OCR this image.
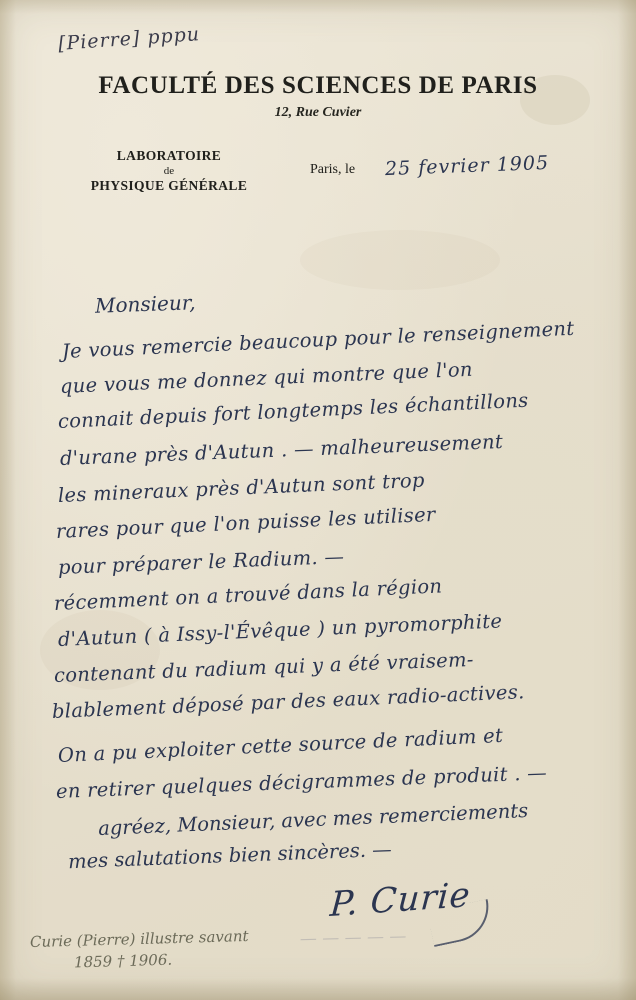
[Pierre] pppu
FACULTÉ DES SCIENCES DE PARIS
12, Rue Cuvier
LABORATOIRE
de
PHYSIQUE GÉNÉRALE
Paris, le 25 fevrier 1905
Monsieur,
Je vous remercie beaucoup pour le renseignement
que vous me donnez qui montre que l'on
connait depuis fort longtemps les échantillons
d'urane près d'Autun . — malheureusement
les minerauх près d'Autun sont trop
rares pour que l'on puisse les utiliser
pour préparer le Radium. —
récemment on a trouvé dans la région
d'Autun ( à Issy-l'Évêque ) un pyromorphite
contenant du radium qui y a été vraisem-
blablement déposé par des eaux radio-actives.
On a pu exploiter cette source de radium et
en retirer quelques décigrammes de produit . —
agréez, Monsieur, avec mes remerciements
mes salutations bien sincères. —
P. Curie
Curie (Pierre) illustre savant
1859 † 1906.
— — — — —
